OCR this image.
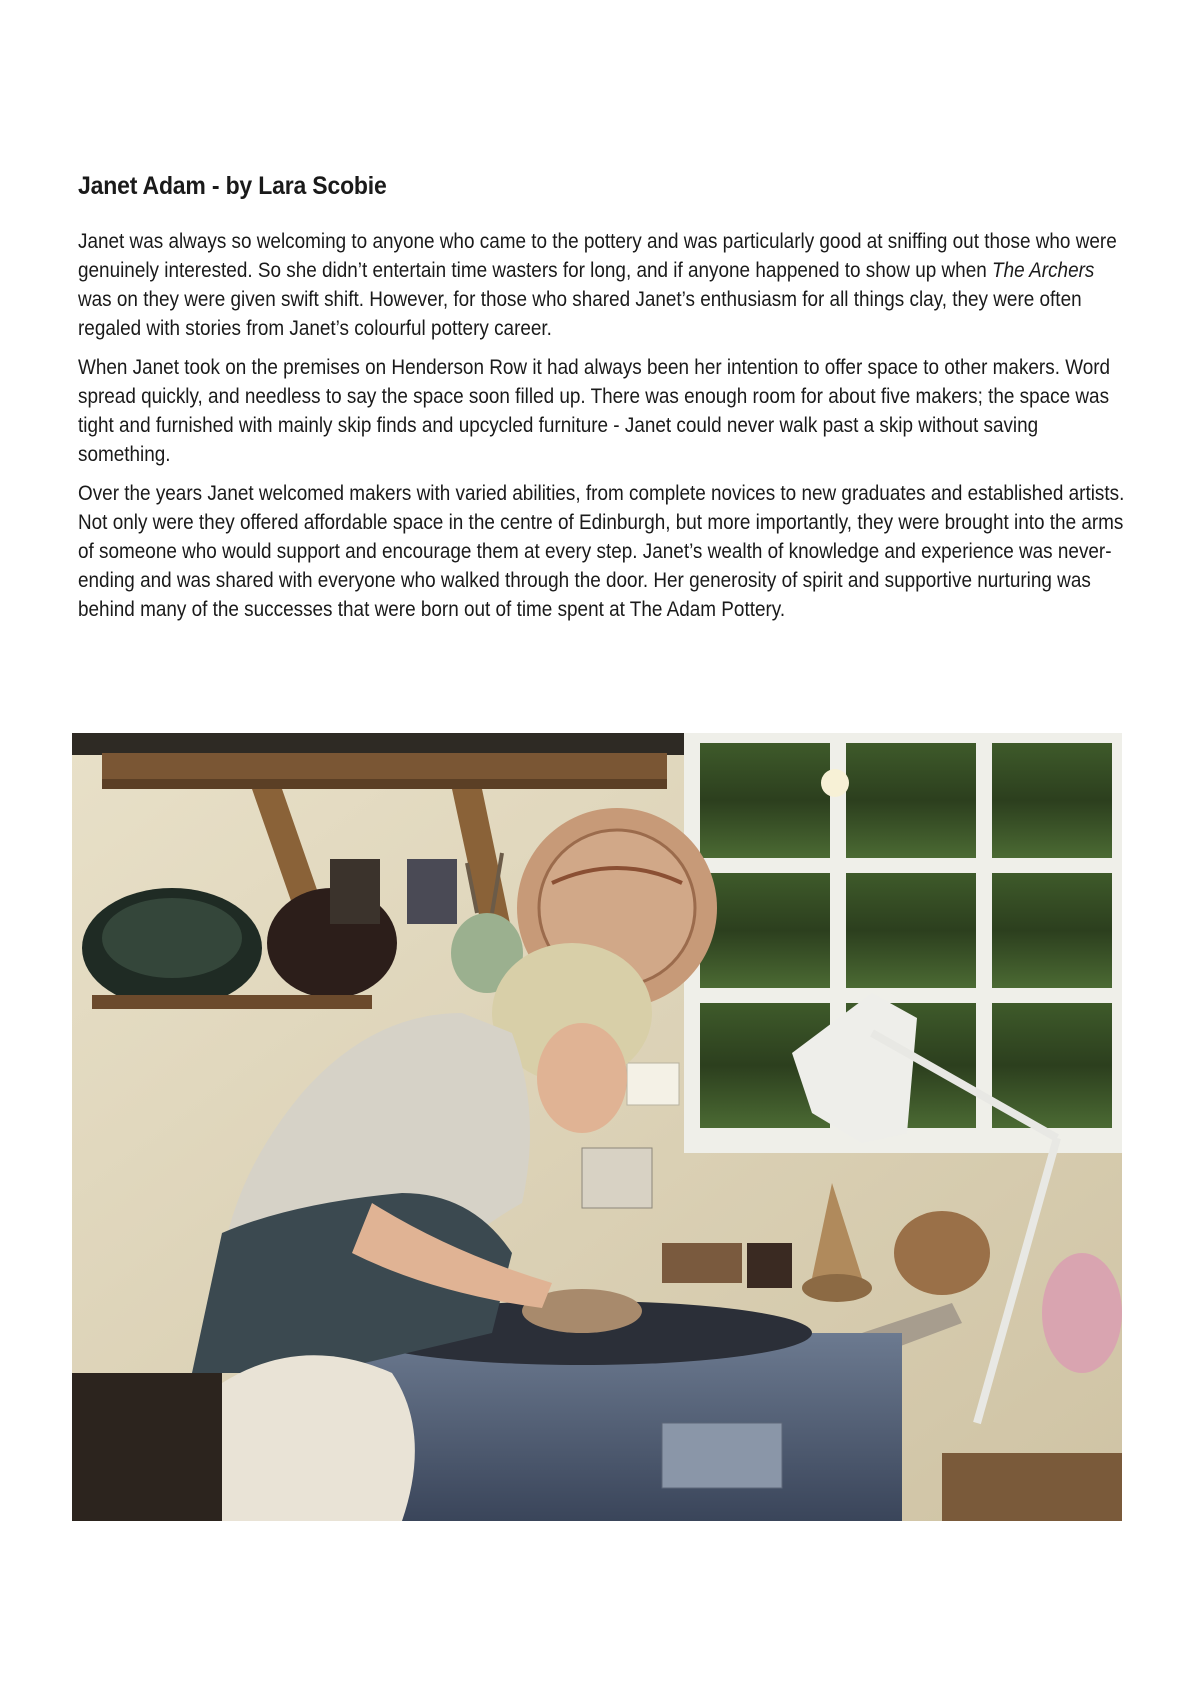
Janet Adam - by Lara Scobie

Janet was always so welcoming to anyone who came to the pottery and was particularly good at sniffing out those who were genuinely interested. So she didn’t entertain time wasters for long, and if anyone happened to show up when The Archers was on they were given swift shift. However, for those who shared Janet’s enthusiasm for all things clay, they were often regaled with stories from Janet’s colourful pottery career.

When Janet took on the premises on Henderson Row it had always been her intention to offer space to other makers. Word spread quickly, and needless to say the space soon filled up. There was enough room for about five makers; the space was tight and furnished with mainly skip finds and upcycled furniture - Janet could never walk past a skip without saving something.

Over the years Janet welcomed makers with varied abilities, from complete novices to new graduates and established artists. Not only were they offered affordable space in the centre of Edinburgh, but more importantly, they were brought into the arms of someone who would support and encourage them at every step. Janet’s wealth of knowledge and experience was never-ending and was shared with everyone who walked through the door. Her generosity of spirit and supportive nurturing was behind many of the successes that were born out of time spent at The Adam Pottery.
